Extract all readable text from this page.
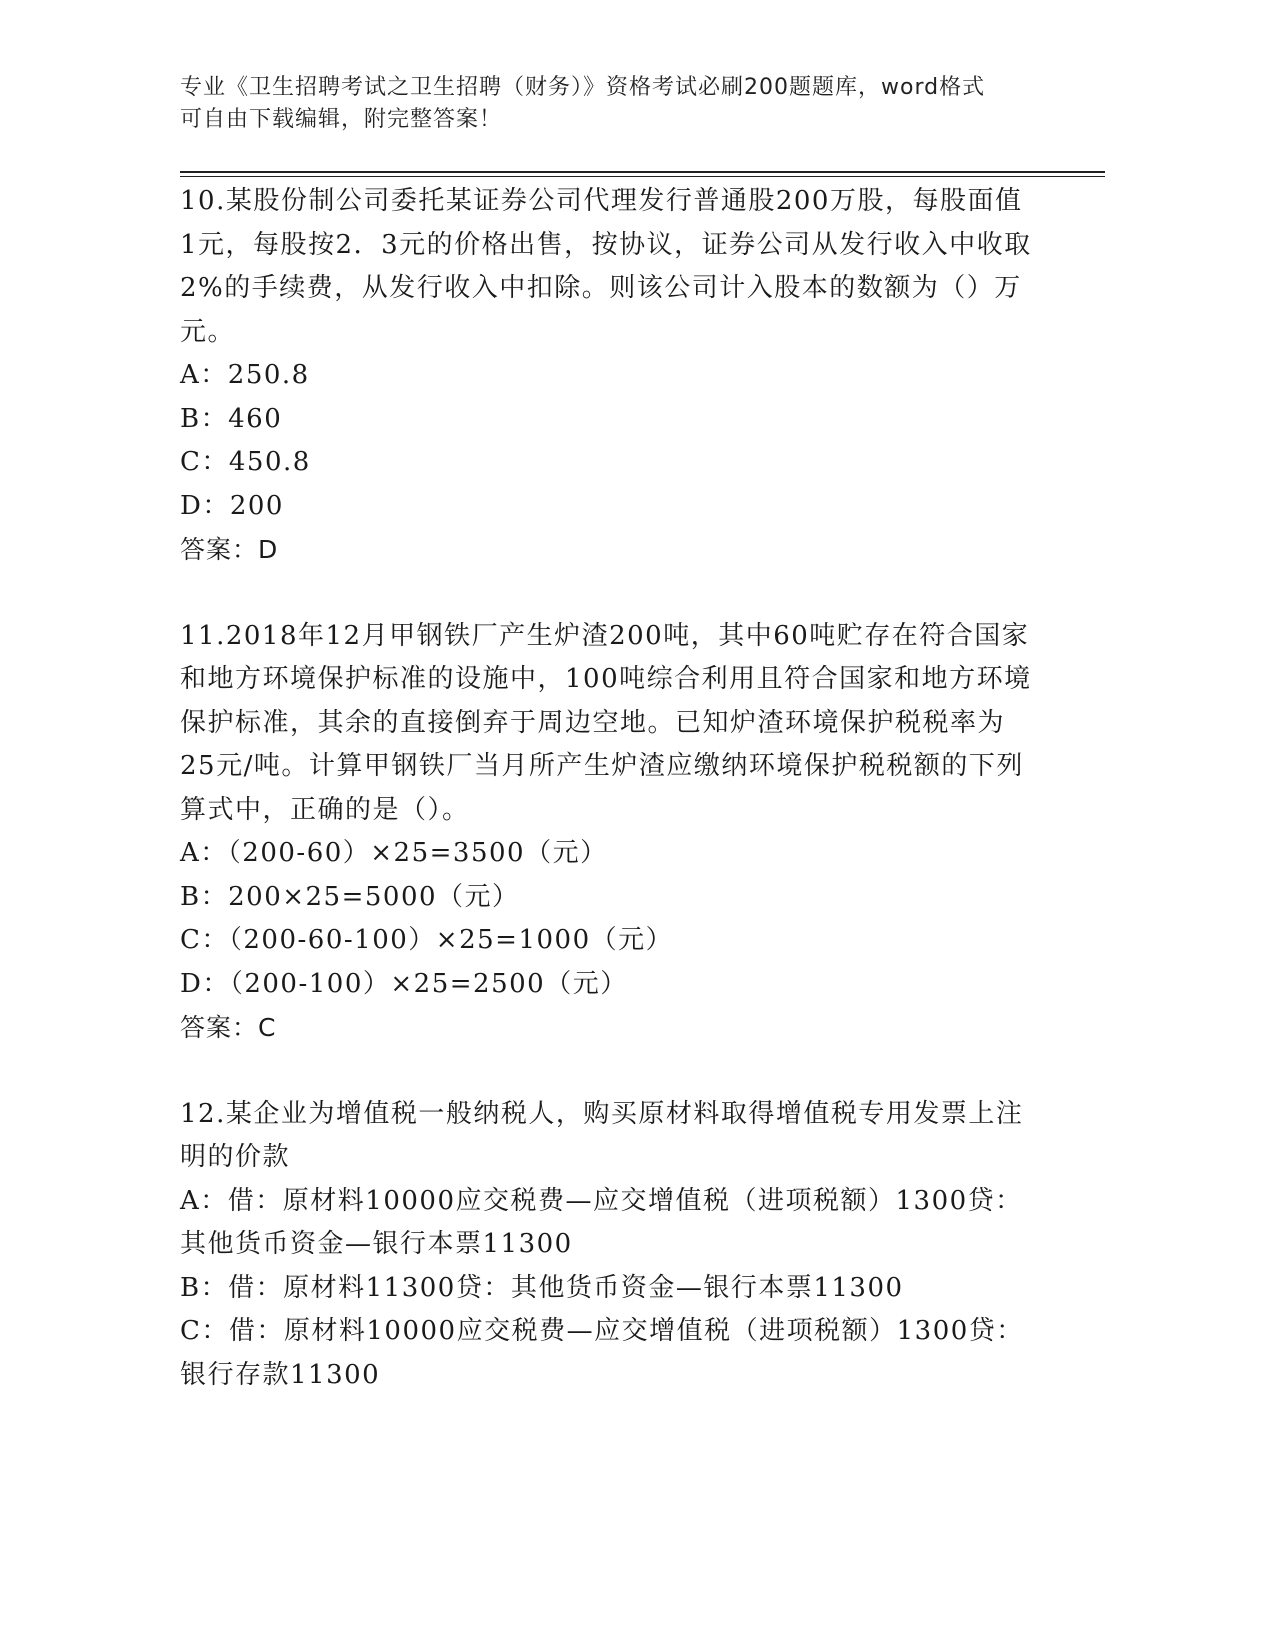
专业《卫生招聘考试之卫生招聘（财务）》资格考试必刷200题题库，word格式
可自由下载编辑，附完整答案！

10.某股份制公司委托某证券公司代理发行普通股200万股，每股面值1元，每股按2．3元的价格出售，按协议，证券公司从发行收入中收取2%的手续费，从发行收入中扣除。则该公司计入股本的数额为（）万元。

A：250.8

B：460

C：450.8

D：200

答案：D

11.2018年12月甲钢铁厂产生炉渣200吨，其中60吨贮存在符合国家和地方环境保护标准的设施中，100吨综合利用且符合国家和地方环境保护标准，其余的直接倒弃于周边空地。已知炉渣环境保护税税率为25元/吨。计算甲钢铁厂当月所产生炉渣应缴纳环境保护税税额的下列算式中，正确的是（）。

A：（200-60）×25=3500（元）

B：200×25=5000（元）

C：（200-60-100）×25=1000（元）

D：（200-100）×25=2500（元）

答案：C

12.某企业为增值税一般纳税人，购买原材料取得增值税专用发票上注明的价款

A：借：原材料10000应交税费—应交增值税（进项税额）1300贷：其他货币资金—银行本票11300

B：借：原材料11300贷：其他货币资金—银行本票11300

C：借：原材料10000应交税费—应交增值税（进项税额）1300贷：银行存款11300
